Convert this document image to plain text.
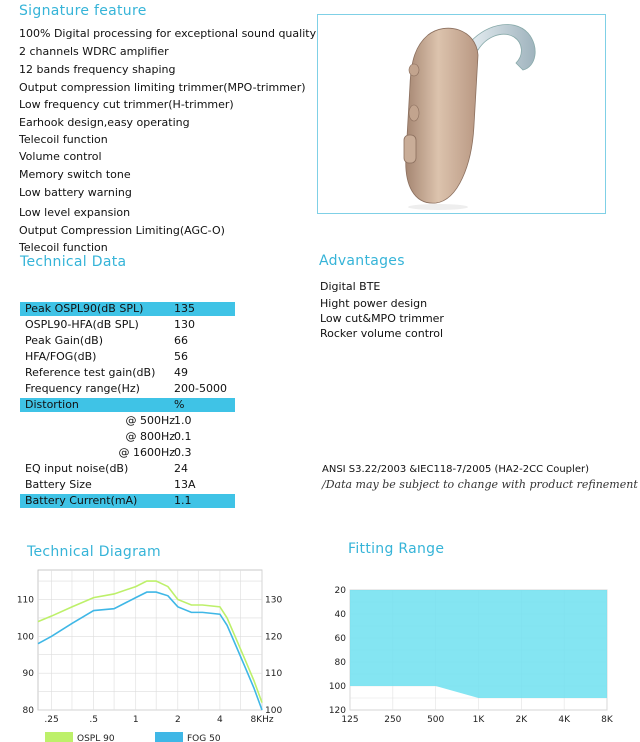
Signature feature
100% Digital processing for exceptional sound quality
2 channels WDRC amplifier
12 bands frequency shaping
Output compression limiting trimmer(MPO-trimmer)
Low frequency cut trimmer(H-trimmer)
Earhook design,easy operating
Telecoil function
Volume control
Memory switch tone
Low battery warning
Low level expansion
Output Compression Limiting(AGC-O)
Telecoil function
Technical Data
Peak OSPL90(dB SPL)	135
OSPL90-HFA(dB SPL)	130
Peak Gain(dB)	66
HFA/FOG(dB)	56
Reference test gain(dB) 49
Frequency range(Hz)	200-5000
Distortion	%
@ 500Hz 1.0
@ 800Hz 0.1
@ 1600Hz 0.3
EQ input noise(dB)	24
Battery Size	13A
Battery Current(mA)	1.1
Advantages
Digital BTE
Hight power design
Low cut&MPO trimmer
Rocker volume control
ANSI S3.22/2003 &IEC118-7/2005 (HA2-2CC Coupler)
/Data may be subject to change with product refinement
Technical Diagram
80
90
100
110
100
110
120
130
.25	.5	1	2	4	8KHz
OSPL 90	FOG 50
Fitting Range
20
40
60
80
100
120
125	250	500	1K	2K	4K	8K
